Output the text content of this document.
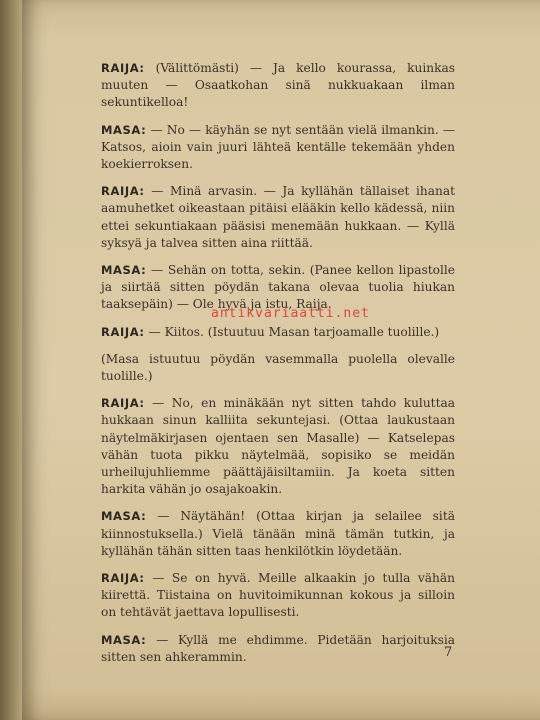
RAIJA: (Välittömästi) — Ja kello kourassa, kuinkas muuten — Osaatkohan sinä nukkuakaan ilman sekuntikelloa!

MASA: — No — käyhän se nyt sentään vielä ilmankin. — Katsos, aioin vain juuri lähteä kentälle tekemään yhden koekierroksen.

RAIJA: — Minä arvasin. — Ja kyllähän tällaiset ihanat aamuhetket oikeastaan pitäisi elääkin kello kädessä, niin ettei sekuntiakaan pääsisi menemään hukkaan. — Kyllä syksyä ja talvea sitten aina riittää.

MASA: — Sehän on totta, sekin. (Panee kellon lipastolle ja siirtää sitten pöydän takana olevaa tuolia hiukan taaksepäin) — Ole hyvä ja istu, Raija.

RAIJA: — Kiitos. (Istuutuu Masan tarjoamalle tuolille.)

(Masa istuutuu pöydän vasemmalla puolella olevalle tuolille.)

RAIJA: — No, en minäkään nyt sitten tahdo kuluttaa hukkaan sinun kalliita sekuntejasi. (Ottaa laukustaan näytelmäkirjasen ojentaen sen Masalle) — Katselepas vähän tuota pikku näytelmää, sopisiko se meidän urheilujuhliemme päättäjäisiltamiin. Ja koeta sitten harkita vähän jo osajakoakin.

MASA: — Näytähän! (Ottaa kirjan ja selailee sitä kiinnostuksella.) Vielä tänään minä tämän tutkin, ja kyllähän tähän sitten taas henkilötkin löydetään.

RAIJA: — Se on hyvä. Meille alkaakin jo tulla vähän kiirettä. Tiistaina on huvitoimikunnan kokous ja silloin on tehtävät jaettava lopullisesti.

MASA: — Kyllä me ehdimme. Pidetään harjoituksia sitten sen ahkerammin.

antikvariaatti.net
7
